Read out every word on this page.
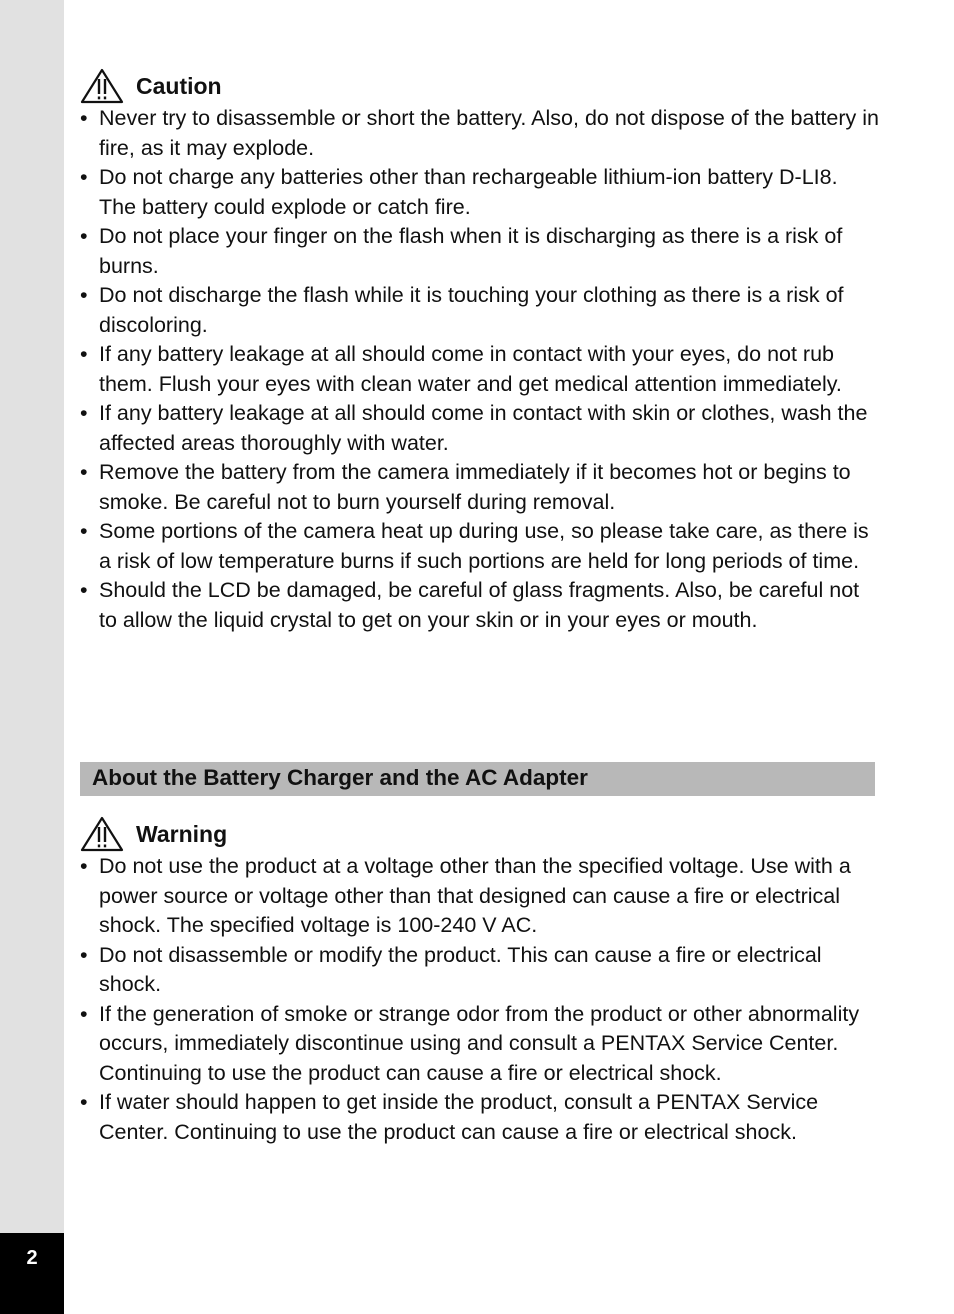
2
Caution
• Never try to disassemble or short the battery. Also, do not dispose of the battery in fire, as it may explode.
• Do not charge any batteries other than rechargeable lithium-ion battery D-LI8. The battery could explode or catch fire.
• Do not place your finger on the flash when it is discharging as there is a risk of burns.
• Do not discharge the flash while it is touching your clothing as there is a risk of discoloring.
• If any battery leakage at all should come in contact with your eyes, do not rub them. Flush your eyes with clean water and get medical attention immediately.
• If any battery leakage at all should come in contact with skin or clothes, wash the affected areas thoroughly with water.
• Remove the battery from the camera immediately if it becomes hot or begins to smoke. Be careful not to burn yourself during removal.
• Some portions of the camera heat up during use, so please take care, as there is a risk of low temperature burns if such portions are held for long periods of time.
• Should the LCD be damaged, be careful of glass fragments. Also, be careful not to allow the liquid crystal to get on your skin or in your eyes or mouth.
About the Battery Charger and the AC Adapter
Warning
• Do not use the product at a voltage other than the specified voltage. Use with a power source or voltage other than that designed can cause a fire or electrical shock. The specified voltage is 100-240 V AC.
• Do not disassemble or modify the product. This can cause a fire or electrical shock.
• If the generation of smoke or strange odor from the product or other abnormality occurs, immediately discontinue using and consult a PENTAX Service Center. Continuing to use the product can cause a fire or electrical shock.
• If water should happen to get inside the product, consult a PENTAX Service Center. Continuing to use the product can cause a fire or electrical shock.
